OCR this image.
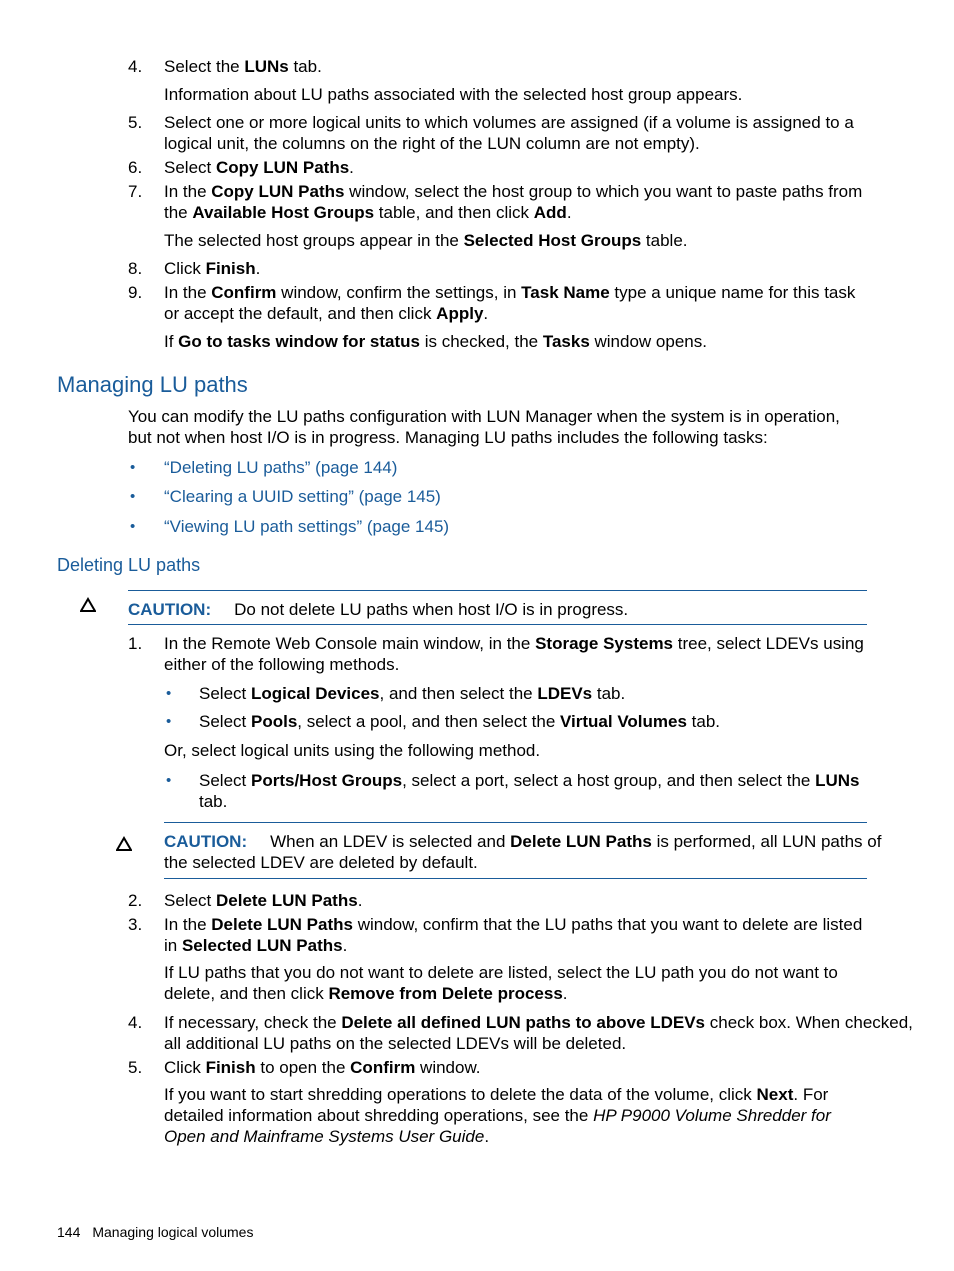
4. Select the LUNs tab.
Information about LU paths associated with the selected host group appears.
5. Select one or more logical units to which volumes are assigned (if a volume is assigned to a
logical unit, the columns on the right of the LUN column are not empty).
6. Select Copy LUN Paths.
7. In the Copy LUN Paths window, select the host group to which you want to paste paths from
the Available Host Groups table, and then click Add.
The selected host groups appear in the Selected Host Groups table.
8. Click Finish.
9. In the Confirm window, confirm the settings, in Task Name type a unique name for this task
or accept the default, and then click Apply.
If Go to tasks window for status is checked, the Tasks window opens.
Managing LU paths
You can modify the LU paths configuration with LUN Manager when the system is in operation,
but not when host I/O is in progress. Managing LU paths includes the following tasks:
• “Deleting LU paths” (page 144)
• “Clearing a UUID setting” (page 145)
• “Viewing LU path settings” (page 145)
Deleting LU paths
CAUTION: Do not delete LU paths when host I/O is in progress.
1. In the Remote Web Console main window, in the Storage Systems tree, select LDEVs using
either of the following methods.
• Select Logical Devices, and then select the LDEVs tab.
• Select Pools, select a pool, and then select the Virtual Volumes tab.
Or, select logical units using the following method.
• Select Ports/Host Groups, select a port, select a host group, and then select the LUNs
tab.
CAUTION: When an LDEV is selected and Delete LUN Paths is performed, all LUN paths of
the selected LDEV are deleted by default.
2. Select Delete LUN Paths.
3. In the Delete LUN Paths window, confirm that the LU paths that you want to delete are listed
in Selected LUN Paths.
If LU paths that you do not want to delete are listed, select the LU path you do not want to
delete, and then click Remove from Delete process.
4. If necessary, check the Delete all defined LUN paths to above LDEVs check box. When checked,
all additional LU paths on the selected LDEVs will be deleted.
5. Click Finish to open the Confirm window.
If you want to start shredding operations to delete the data of the volume, click Next. For
detailed information about shredding operations, see the HP P9000 Volume Shredder for
Open and Mainframe Systems User Guide.
144 Managing logical volumes
